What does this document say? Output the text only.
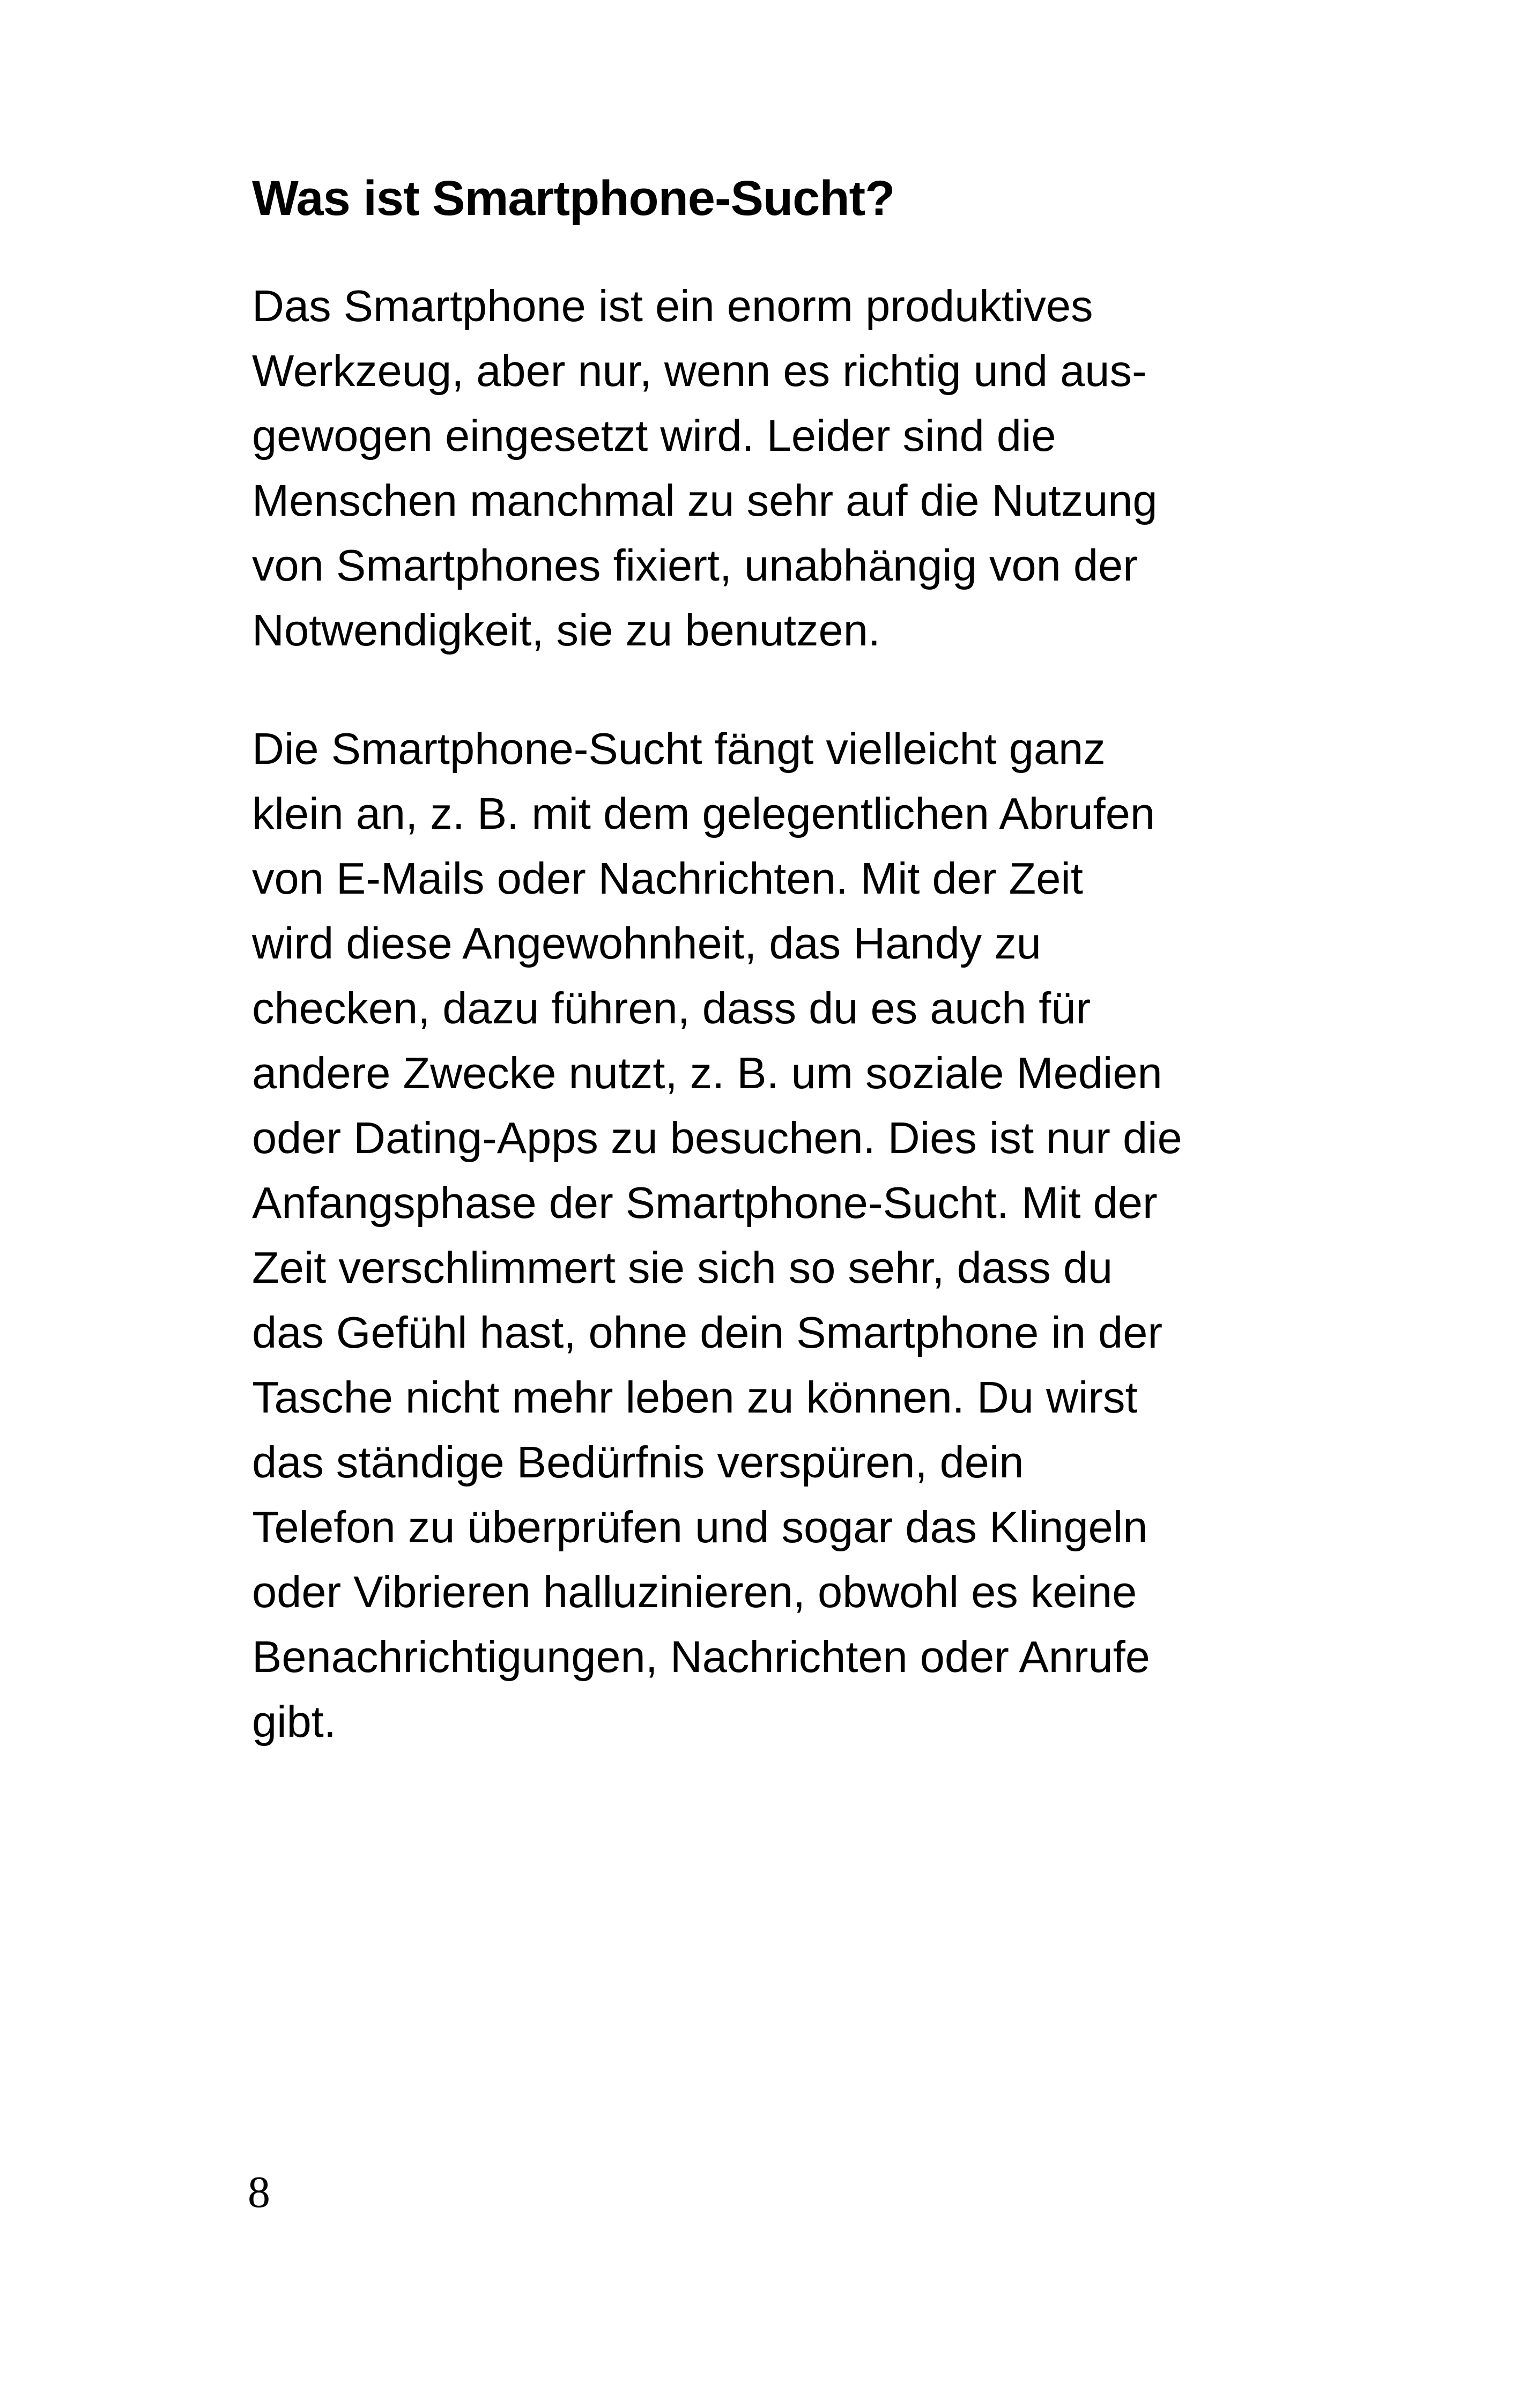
Was ist Smartphone-Sucht?

Das Smartphone ist ein enorm produktives
Werkzeug, aber nur, wenn es richtig und aus-
gewogen eingesetzt wird. Leider sind die
Menschen manchmal zu sehr auf die Nutzung
von Smartphones fixiert, unabhängig von der
Notwendigkeit, sie zu benutzen.

Die Smartphone-Sucht fängt vielleicht ganz
klein an, z. B. mit dem gelegentlichen Abrufen
von E-Mails oder Nachrichten. Mit der Zeit
wird diese Angewohnheit, das Handy zu
checken, dazu führen, dass du es auch für
andere Zwecke nutzt, z. B. um soziale Medien
oder Dating-Apps zu besuchen. Dies ist nur die
Anfangsphase der Smartphone-Sucht. Mit der
Zeit verschlimmert sie sich so sehr, dass du
das Gefühl hast, ohne dein Smartphone in der
Tasche nicht mehr leben zu können. Du wirst
das ständige Bedürfnis verspüren, dein
Telefon zu überprüfen und sogar das Klingeln
oder Vibrieren halluzinieren, obwohl es keine
Benachrichtigungen, Nachrichten oder Anrufe
gibt.

8
